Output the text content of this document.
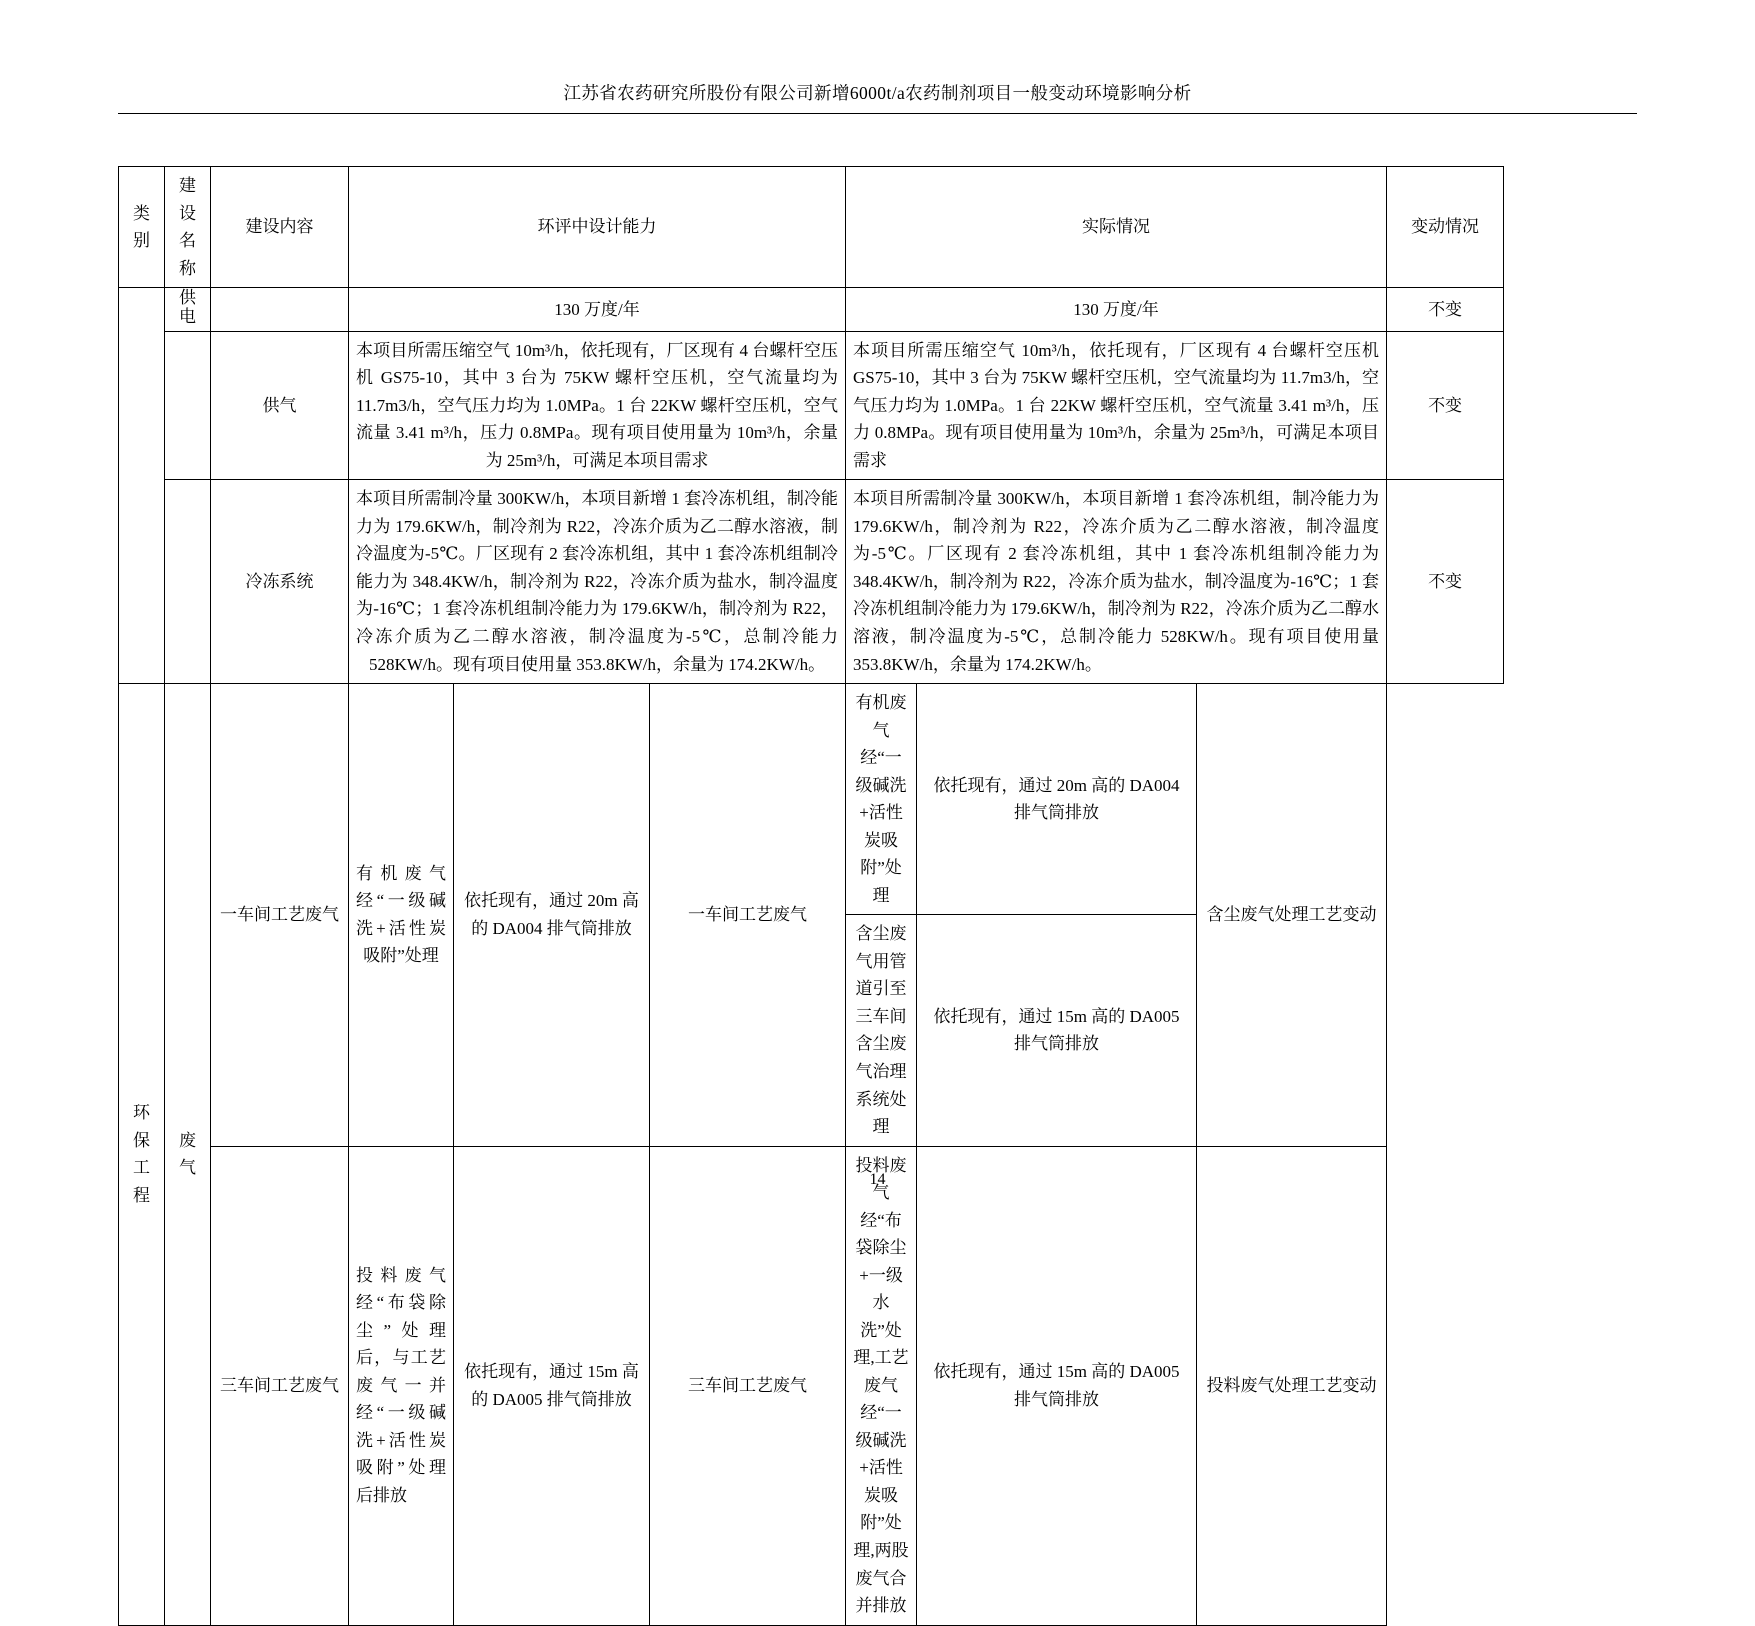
江苏省农药研究所股份有限公司新增6000t/a农药制剂项目一般变动环境影响分析
类别	建设名称	建设内容	环评中设计能力			实际情况			变动情况
	供电		130 万度/年			130 万度/年			不变
		供气	本项目所需压缩空气 10m³/h，依托现有，厂区现有 4 台螺杆空压机 GS75-10，其中 3 台为 75KW 螺杆空压机，空气流量均为 11.7m3/h，空气压力均为 1.0MPa。1 台 22KW 螺杆空压机，空气流量 3.41 m³/h，压力 0.8MPa。现有项目使用量为 10m³/h，余量为 25m³/h，可满足本项目需求			本项目所需压缩空气 10m³/h，依托现有，厂区现有 4 台螺杆空压机 GS75-10，其中 3 台为 75KW 螺杆空压机，空气流量均为 11.7m3/h，空气压力均为 1.0MPa。1 台 22KW 螺杆空压机，空气流量 3.41 m³/h，压力 0.8MPa。现有项目使用量为 10m³/h，余量为 25m³/h，可满足本项目需求			不变
	冷冻系统	本项目所需制冷量 300KW/h，本项目新增 1 套冷冻机组，制冷能力为 179.6KW/h，制冷剂为 R22，冷冻介质为乙二醇水溶液，制冷温度为-5℃。厂区现有 2 套冷冻机组，其中 1 套冷冻机组制冷能力为 348.4KW/h，制冷剂为 R22，冷冻介质为盐水，制冷温度为-16℃；1 套冷冻机组制冷能力为 179.6KW/h，制冷剂为 R22，冷冻介质为乙二醇水溶液，制冷温度为-5℃，总制冷能力 528KW/h。现有项目使用量 353.8KW/h，余量为 174.2KW/h。	本项目所需制冷量 300KW/h，本项目新增 1 套冷冻机组，制冷能力为 179.6KW/h，制冷剂为 R22，冷冻介质为乙二醇水溶液，制冷温度为-5℃。厂区现有 2 套冷冻机组，其中 1 套冷冻机组制冷能力为 348.4KW/h，制冷剂为 R22，冷冻介质为盐水，制冷温度为-16℃；1 套冷冻机组制冷能力为 179.6KW/h，制冷剂为 R22，冷冻介质为乙二醇水溶液，制冷温度为-5℃，总制冷能力 528KW/h。现有项目使用量 353.8KW/h，余量为 174.2KW/h。	不变
环保工程	废气	一车间工艺废气	有机废气经“一级碱洗+活性炭吸附”处理	依托现有，通过 20m 高的 DA004 排气筒排放	一车间工艺废气	有机废气经“一级碱洗+活性炭吸附”处理	依托现有，通过 20m 高的 DA004 排气筒排放	含尘废气处理工艺变动	
						含尘废气用管道引至三车间含尘废气治理系统处理	依托现有，通过 15m 高的 DA005 排气筒排放		
		三车间工艺废气	投料废气经“布袋除尘”处理后，与工艺废气一并经“一级碱洗+活性炭吸附”处理后排放	依托现有，通过 15m 高的 DA005 排气筒排放	三车间工艺废气	投料废气经“布袋除尘+一级水洗”处理,工艺废气经“一级碱洗+活性炭吸附”处理,两股废气合并排放	依托现有，通过 15m 高的 DA005 排气筒排放	投料废气处理工艺变动	
14
